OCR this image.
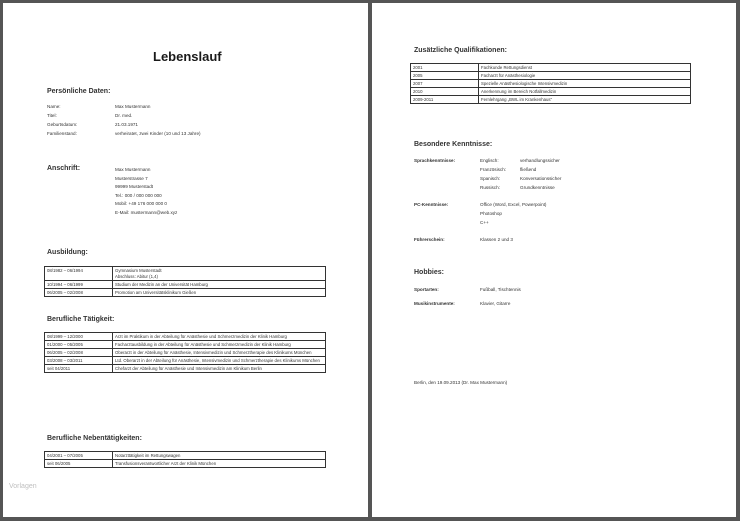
Lebenslauf
Persönliche Daten:
Name:	Max Mustermann
Titel:	Dr. med.
Geburtsdatum:	21.03.1971
Familienstand:	verheiratet, zwei Kinder (10 und 13 Jahre)
Anschrift:	Max Mustermann
Musterstrasse 7
99999 Musterstadt
Tel.: 000 / 000 000 000
Mobil: +49 176 000 000 0
E-Mail: mustermann@web.xyz
Ausbildung:
08/1982 – 06/1994	Gymnasium Musterstadt
Abschluss: Abitur (1,4)
10/1994 – 06/1999	Studium der Medizin an der Universität Hamburg
06/2005 – 02/2008	Promotion am Universitätsklinikum Gießen
Berufliche Tätigkeit:
08/1999 – 12/2000	Arzt im Praktikum in der Abteilung für Anästhesie und Schmerzmedizin der Klinik Hamburg
01/2000 – 05/2005	Facharztausbildung in der Abteilung für Anästhesie und Schmerzmedizin der Klinik Hamburg
06/2005 – 02/2008	Oberarzt in der Abteilung für Anästhesie, Intensivmedizin und Schmerztherapie des Klinikums München
03/2008 – 03/2011	Ltd. Oberarzt in der Abteilung für Anästhesie, Intensivmedizin und Schmerztherapie des Klinikums München
seit 04/2011	Chefarzt der Abteilung für Anästhesie und Intensivmedizin am Klinikum Berlin
Berufliche Nebentätigkeiten:
04/2001 – 07/2005	Notarzttätigkeit im Rettungswagen
seit 06/2005	Transfusionsverantwortlicher Arzt der Klinik München
Vorlagen
Zusätzliche Qualifikationen:
2001	Fachkunde Rettungsdienst
2005	Facharzt für Anästhesiologie
2007	Spezielle Anästhesiologische Intensivmedizin
2010	Anerkennung im Bereich Notfallmedizin
2009-2011	Fernlehrgang „BWL im Krankenhaus“
Besondere Kenntnisse:
Sprachkenntnisse:	Englisch:	verhandlungssicher
Französisch:	fließend
Spanisch:	Konversationssicher
Russisch:	Grundkenntnisse
PC-Kenntnisse:	Office (Word, Excel, Powerpoint)
Photoshop
C++
Führerschein:	Klassen 2 und 3
Hobbies:
Sportarten:	Fußball, Tischtennis
Musikinstrumente:	Klavier, Gitarre
Berlin, den 19.09.2013 (Dr. Max Mustermann)
